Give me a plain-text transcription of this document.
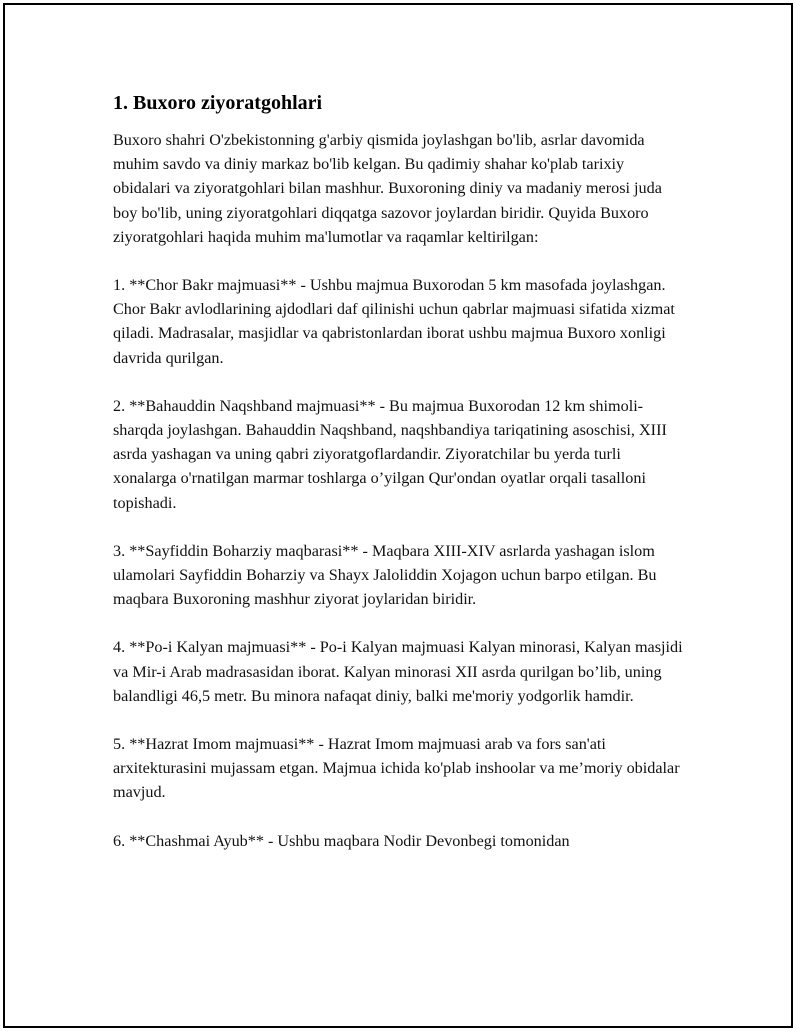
1. Buxoro ziyoratgohlari

Buxoro shahri O'zbekistonning g'arbiy qismida joylashgan bo'lib, asrlar davomida muhim savdo va diniy markaz bo'lib kelgan. Bu qadimiy shahar ko'plab tarixiy obidalari va ziyoratgohlari bilan mashhur. Buxoroning diniy va madaniy merosi juda boy bo'lib, uning ziyoratgohlari diqqatga sazovor joylardan biridir. Quyida Buxoro ziyoratgohlari haqida muhim ma'lumotlar va raqamlar keltirilgan:

1. **Chor Bakr majmuasi** - Ushbu majmua Buxorodan 5 km masofada joylashgan. Chor Bakr avlodlarining ajdodlari daf qilinishi uchun qabrlar majmuasi sifatida xizmat qiladi. Madrasalar, masjidlar va qabristonlardan iborat ushbu majmua Buxoro xonligi davrida qurilgan.

2. **Bahauddin Naqshband majmuasi** - Bu majmua Buxorodan 12 km shimoli-sharqda joylashgan. Bahauddin Naqshband, naqshbandiya tariqatining asoschisi, XIII asrda yashagan va uning qabri ziyoratgoflardandir. Ziyoratchilar bu yerda turli xonalarga o'rnatilgan marmar toshlarga o’yilgan Qur'ondan oyatlar orqali tasalloni topishadi.

3. **Sayfiddin Boharziy maqbarasi** - Maqbara XIII-XIV asrlarda yashagan islom ulamolari Sayfiddin Boharziy va Shayx Jaloliddin Xojagon uchun barpo etilgan. Bu maqbara Buxoroning mashhur ziyorat joylaridan biridir.

4. **Po-i Kalyan majmuasi** - Po-i Kalyan majmuasi Kalyan minorasi, Kalyan masjidi va Mir-i Arab madrasasidan iborat. Kalyan minorasi XII asrda qurilgan bo’lib, uning balandligi 46,5 metr. Bu minora nafaqat diniy, balki me'moriy yodgorlik hamdir.

5. **Hazrat Imom majmuasi** - Hazrat Imom majmuasi arab va fors san'ati arxitekturasini mujassam etgan. Majmua ichida ko'plab inshoolar va me’moriy obidalar mavjud.

6. **Chashmai Ayub** - Ushbu maqbara Nodir Devonbegi tomonidan
